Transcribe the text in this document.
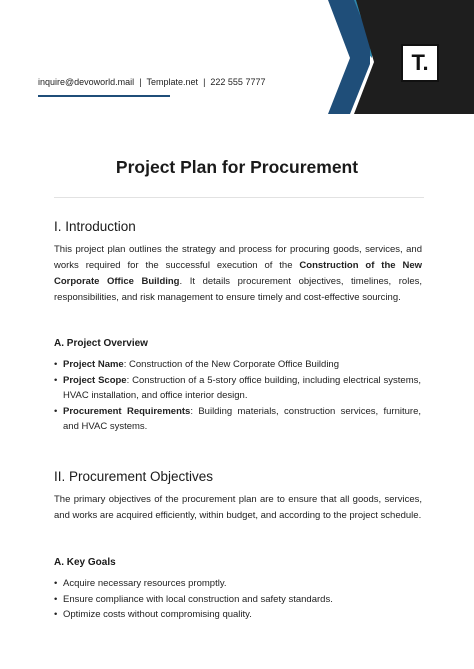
T.
inquire@devoworld.mail | Template.net | 222 555 7777
Project Plan for Procurement
I. Introduction
This project plan outlines the strategy and process for procuring goods, services, and works required for the successful execution of the Construction of the New Corporate Office Building. It details procurement objectives, timelines, roles, responsibilities, and risk management to ensure timely and cost-effective sourcing.
A. Project Overview
• Project Name: Construction of the New Corporate Office Building
• Project Scope: Construction of a 5-story office building, including electrical systems, HVAC installation, and office interior design.
• Procurement Requirements: Building materials, construction services, furniture, and HVAC systems.
II. Procurement Objectives
The primary objectives of the procurement plan are to ensure that all goods, services, and works are acquired efficiently, within budget, and according to the project schedule.
A. Key Goals
• Acquire necessary resources promptly.
• Ensure compliance with local construction and safety standards.
• Optimize costs without compromising quality.
